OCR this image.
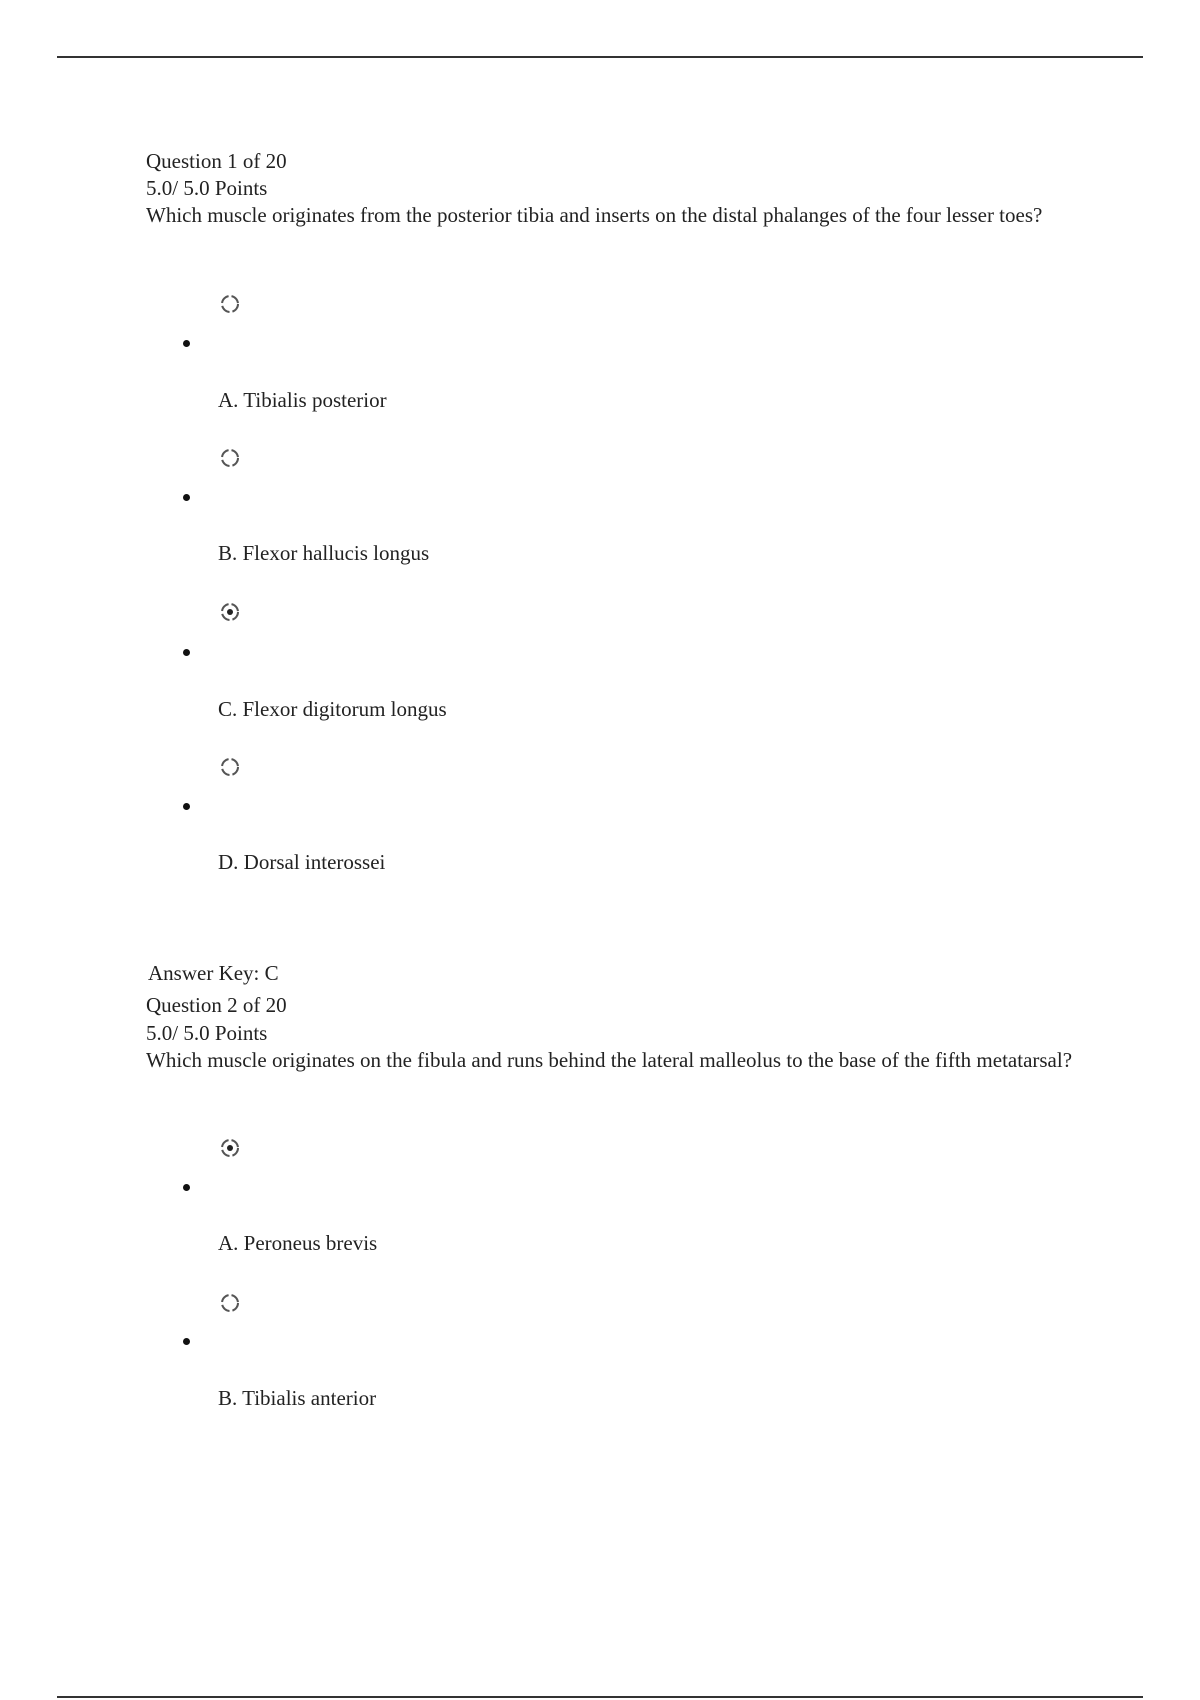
Question 1 of 20
5.0/ 5.0 Points
Which muscle originates from the posterior tibia and inserts on the distal phalanges of the four lesser toes?
A. Tibialis posterior
B. Flexor hallucis longus
C. Flexor digitorum longus
D. Dorsal interossei
Answer Key: C
Question 2 of 20
5.0/ 5.0 Points
Which muscle originates on the fibula and runs behind the lateral malleolus to the base of the fifth metatarsal?
A. Peroneus brevis
B. Tibialis anterior
